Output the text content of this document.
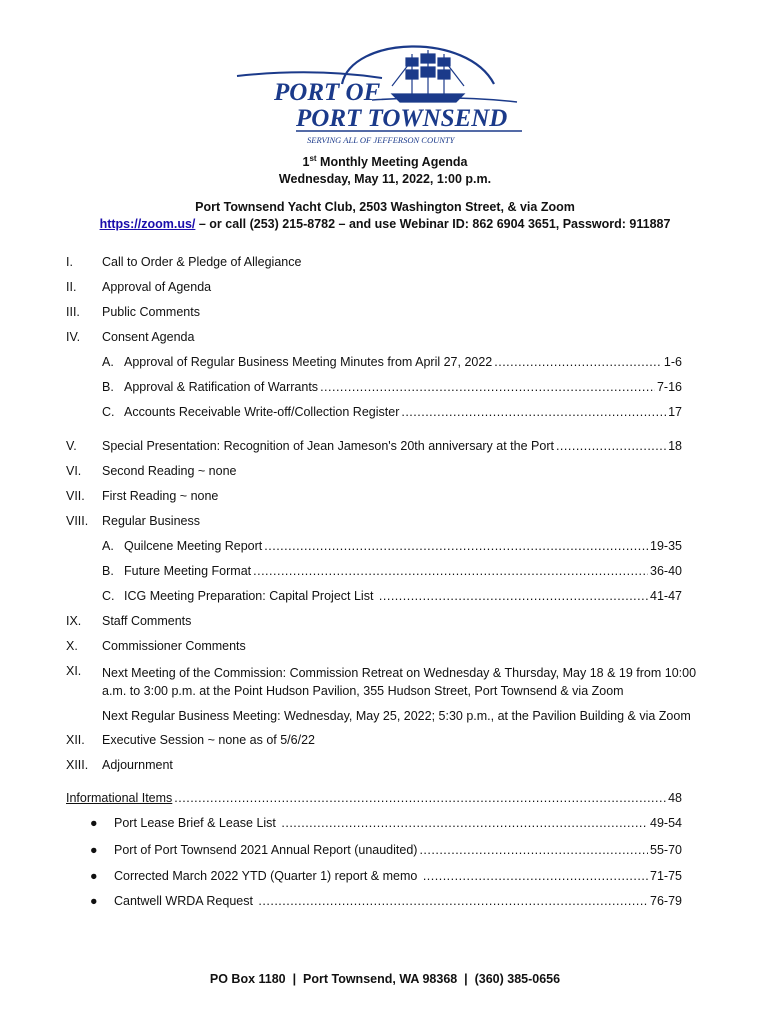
PORT OF
PORT TOWNSEND
SERVING ALL OF JEFFERSON COUNTY
1st Monthly Meeting Agenda
Wednesday, May 11, 2022, 1:00 p.m.
Port Townsend Yacht Club, 2503 Washington Street, & via Zoom
https://zoom.us/ – or call (253) 215-8782 – and use Webinar ID: 862 6904 3651, Password: 911887
I.	Call to Order & Pledge of Allegiance
II.	Approval of Agenda
III.	Public Comments
IV.	Consent Agenda
A. Approval of Regular Business Meeting Minutes from April 27, 2022 .....	1-6
B. Approval & Ratification of Warrants .....	7-16
C. Accounts Receivable Write-off/Collection Register .....	17
V.	Special Presentation: Recognition of Jean Jameson's 20th anniversary at the Port .....	18
VI.	Second Reading ~ none
VII.	First Reading ~ none
VIII.	Regular Business
A. Quilcene Meeting Report .....	19-35
B. Future Meeting Format .....	36-40
C. ICG Meeting Preparation: Capital Project List .....	41-47
IX.	Staff Comments
X.	Commissioner Comments
XI.	Next Meeting of the Commission: Commission Retreat on Wednesday & Thursday, May 18 & 19 from 10:00 a.m. to 3:00 p.m. at the Point Hudson Pavilion, 355 Hudson Street, Port Townsend & via Zoom
Next Regular Business Meeting: Wednesday, May 25, 2022; 5:30 p.m., at the Pavilion Building & via Zoom
XII.	Executive Session ~ none as of 5/6/22
XIII.	Adjournment
Informational Items .....	48
●	Port Lease Brief & Lease List .....	49-54
●	Port of Port Townsend 2021 Annual Report (unaudited) .....	55-70
●	Corrected March 2022 YTD (Quarter 1) report & memo .....	71-75
●	Cantwell WRDA Request .....	76-79
PO Box 1180  |  Port Townsend, WA 98368  |  (360) 385-0656
